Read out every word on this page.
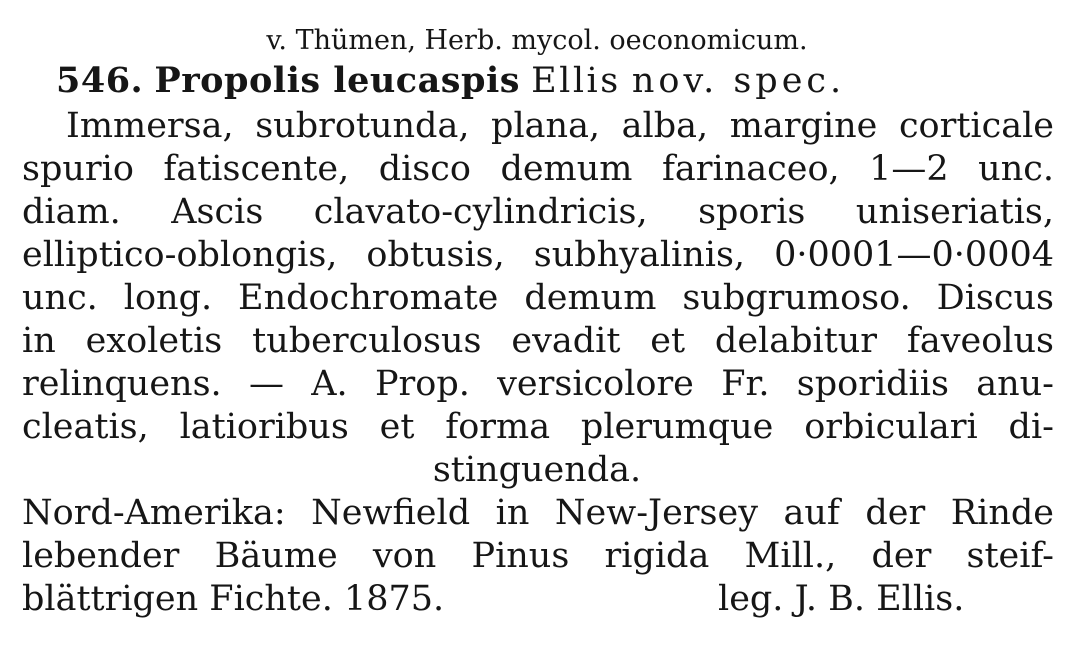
v. Thümen, Herb. mycol. oeconomicum.
546. Propolis leucaspis Ellis nov. spec.
Immersa, subrotunda, plana, alba, margine corticale
spurio fatiscente, disco demum farinaceo, 1—2 unc.
diam. Ascis clavato-cylindricis, sporis uniseriatis,
elliptico-oblongis, obtusis, subhyalinis, 0·0001—0·0004
unc. long. Endochromate demum subgrumoso. Discus
in exoletis tuberculosus evadit et delabitur faveolus
relinquens. — A. Prop. versicolore Fr. sporidiis anu-
cleatis, latioribus et forma plerumque orbiculari di-
stinguenda.
Nord-Amerika: Newfield in New-Jersey auf der Rinde
lebender Bäume von Pinus rigida Mill., der steif-
blättrigen Fichte. 1875.	leg. J. B. Ellis.
